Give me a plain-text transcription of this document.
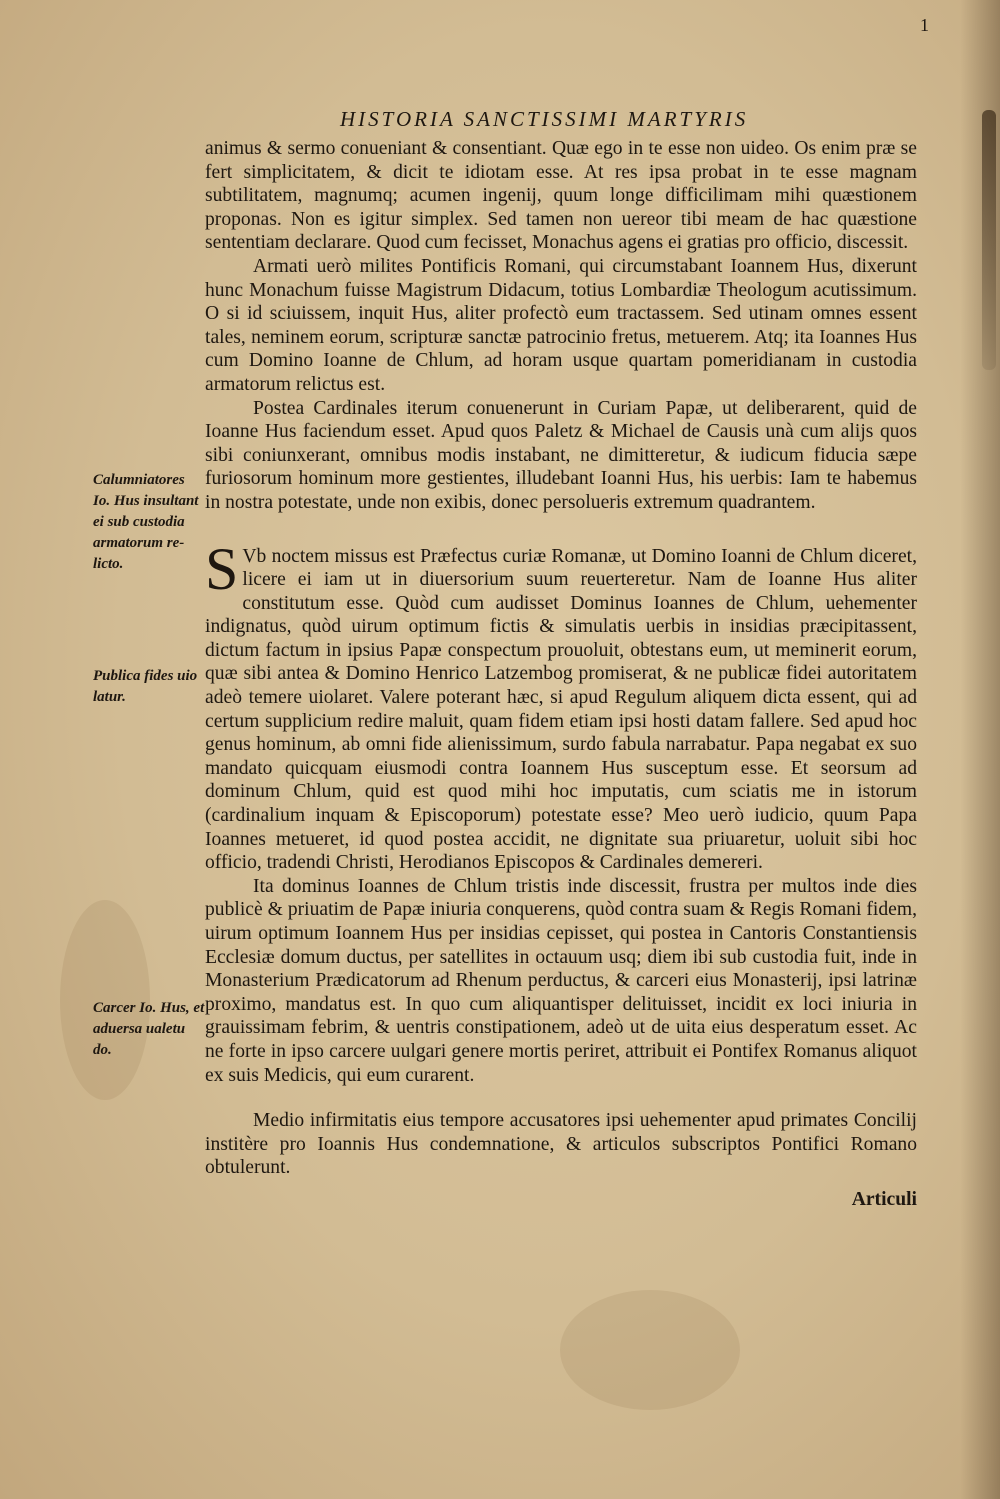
1
HISTORIA SANCTISSIMI MARTYRIS

animus & sermo conueniant & consentiant. Quæ ego in te esse non uideo. Os enim præ se fert simplicitatem, & dicit te idiotam esse. At res ipsa probat in te esse magnam subtilitatem, magnumq; acumen ingenij, quum longe difficilimam mihi quæstionem proponas. Non es igitur simplex. Sed tamen non uereor tibi meam de hac quæstione sententiam declarare. Quod cum fecisset, Monachus agens ei gratias pro officio, discessit.

Armati uerò milites Pontificis Romani, qui circumstabant Ioannem Hus, dixerunt hunc Monachum fuisse Magistrum Didacum, totius Lombardiæ Theologum acutissimum. O si id sciuissem, inquit Hus, aliter profectò eum tractassem. Sed utinam omnes essent tales, neminem eorum, scripturæ sanctæ patrocinio fretus, metuerem. Atq; ita Ioannes Hus cum Domino Ioanne de Chlum, ad horam usque quartam pomeridianam in custodia armatorum relictus est.

Postea Cardinales iterum conuenerunt in Curiam Papæ, ut deliberarent, quid de Ioanne Hus faciendum esset. Apud quos Paletz & Michael de Causis unà cum alijs quos sibi coniunxerant, omnibus modis instabant, ne dimitteretur, & iudicum fiducia sæpe furiosorum hominum more gestientes, illudebant Ioanni Hus, his uerbis: Iam te habemus in nostra potestate, unde non exibis, donec persolueris extremum quadrantem.

SVb noctem missus est Præfectus curiæ Romanæ, ut Domino Ioanni de Chlum diceret, licere ei iam ut in diuersorium suum reuerteretur. Nam de Ioanne Hus aliter constitutum esse. Quòd cum audisset Dominus Ioannes de Chlum, uehementer indignatus, quòd uirum optimum fictis & simulatis uerbis in insidias præcipitassent, dictum factum in ipsius Papæ conspectum prouoluit, obtestans eum, ut meminerit eorum, quæ sibi antea & Domino Henrico Latzembog promiserat, & ne publicæ fidei autoritatem adeò temere uiolaret. Valere poterant hæc, si apud Regulum aliquem dicta essent, qui ad certum supplicium redire maluit, quam fidem etiam ipsi hosti datam fallere. Sed apud hoc genus hominum, ab omni fide alienissimum, surdo fabula narrabatur. Papa negabat ex suo mandato quicquam eiusmodi contra Ioannem Hus susceptum esse. Et seorsum ad dominum Chlum, quid est quod mihi hoc imputatis, cum sciatis me in istorum (cardinalium inquam & Episcoporum) potestate esse? Meo uerò iudicio, quum Papa Ioannes metueret, id quod postea accidit, ne dignitate sua priuaretur, uoluit sibi hoc officio, tradendi Christi, Herodianos Episcopos & Cardinales demereri.

Ita dominus Ioannes de Chlum tristis inde discessit, frustra per multos inde dies publicè & priuatim de Papæ iniuria conquerens, quòd contra suam & Regis Romani fidem, uirum optimum Ioannem Hus per insidias cepisset, qui postea in Cantoris Constantiensis Ecclesiæ domum ductus, per satellites in octauum usq; diem ibi sub custodia fuit, inde in Monasterium Prædicatorum ad Rhenum perductus, & carceri eius Monasterij, ipsi latrinæ proximo, mandatus est. In quo cum aliquantisper delituisset, incidit ex loci iniuria in grauissimam febrim, & uentris constipationem, adeò ut de uita eius desperatum esset. Ac ne forte in ipso carcere uulgari genere mortis periret, attribuit ei Pontifex Romanus aliquot ex suis Medicis, qui eum curarent.

Medio infirmitatis eius tempore accusatores ipsi uehementer apud primates Concilij institère pro Ioannis Hus condemnatione, & articulos subscriptos Pontifici Romano obtulerunt.

Articuli
Calumniatores
Io. Hus insultant
ei sub custodia
armatorum re-
licto.
Publica fides uio
latur.
Carcer Io. Hus, et
aduersa ualetu
do.
